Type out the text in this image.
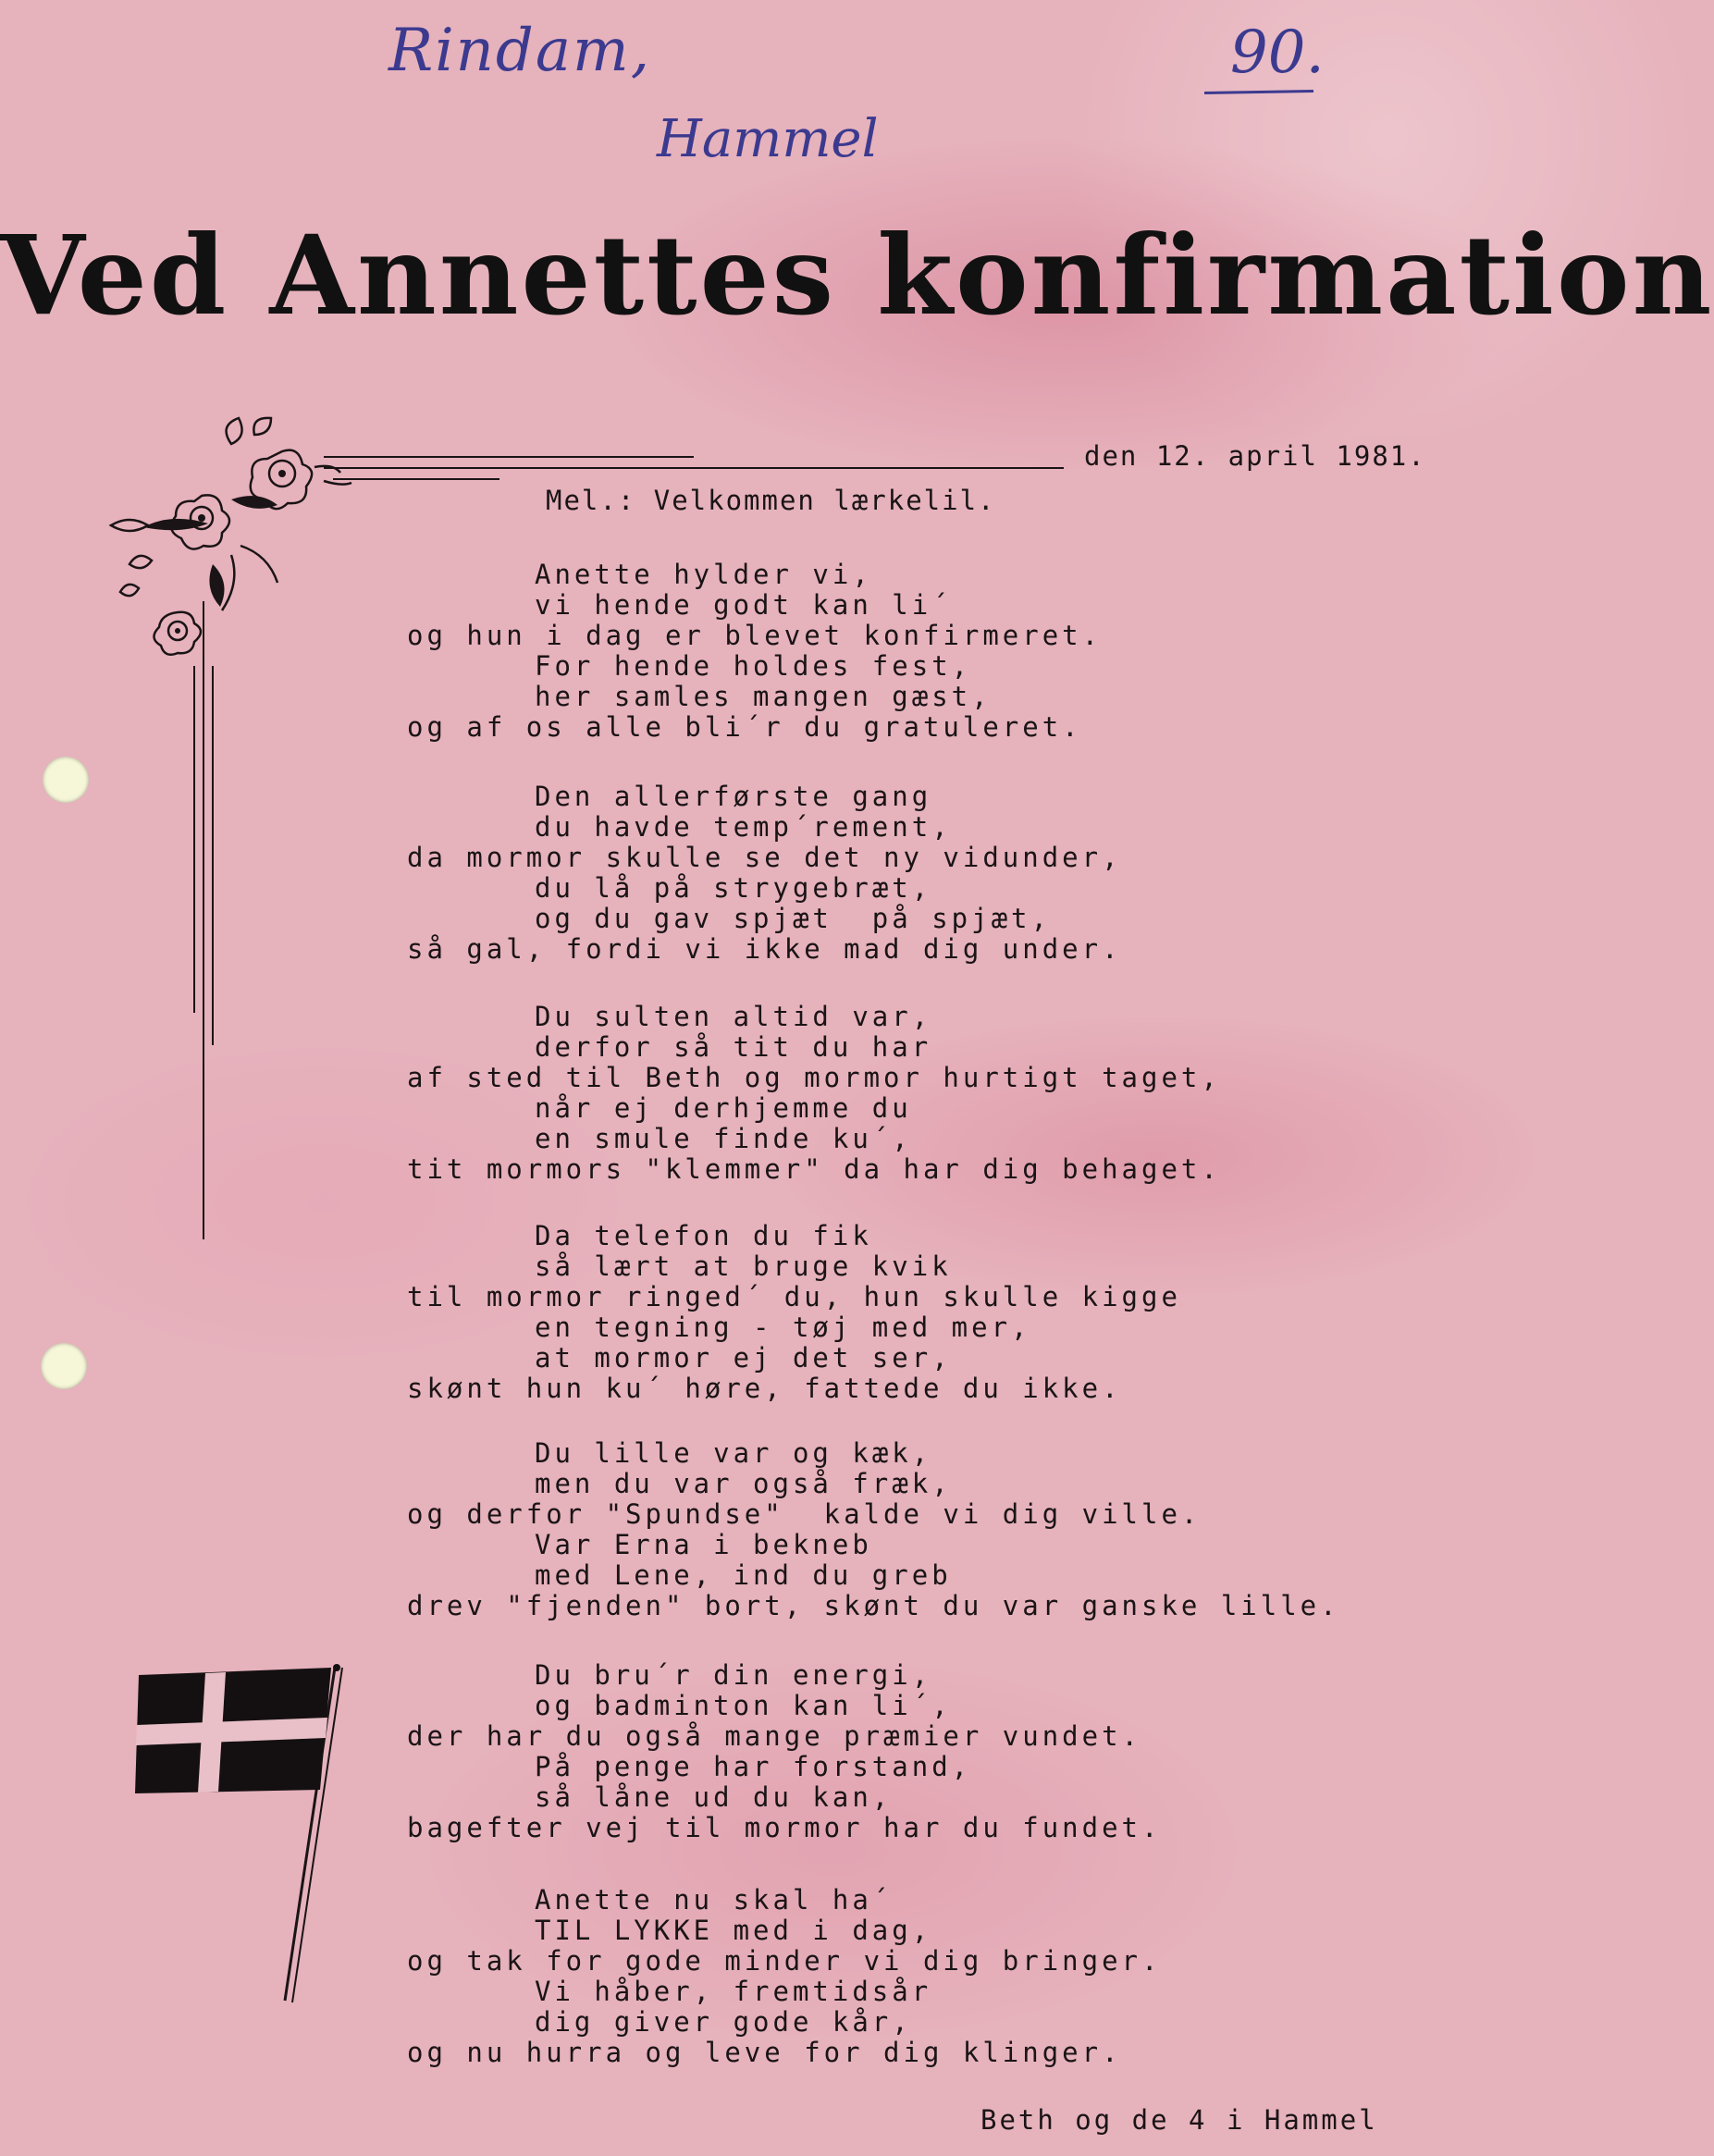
Rindam,
Hammel
90.
Ved Annettes konfirmation
den 12. april 1981.
Mel.: Velkommen lærkelil.
Anette hylder vi,
vi hende godt kan li´
og hun i dag er blevet konfirmeret.
For hende holdes fest,
her samles mangen gæst,
og af os alle bli´r du gratuleret.
Den allerførste gang
du havde temp´rement,
da mormor skulle se det ny vidunder,
du lå på strygebræt,
og du gav spjæt  på spjæt,
så gal, fordi vi ikke mad dig under.
Du sulten altid var,
derfor så tit du har
af sted til Beth og mormor hurtigt taget,
når ej derhjemme du
en smule finde ku´,
tit mormors "klemmer" da har dig behaget.
Da telefon du fik
så lært at bruge kvik
til mormor ringed´ du, hun skulle kigge
en tegning - tøj med mer,
at mormor ej det ser,
skønt hun ku´ høre, fattede du ikke.
Du lille var og kæk,
men du var også fræk,
og derfor "Spundse"  kalde vi dig ville.
Var Erna i bekneb
med Lene, ind du greb
drev "fjenden" bort, skønt du var ganske lille.
Du bru´r din energi,
og badminton kan li´,
der har du også mange præmier vundet.
På penge har forstand,
så låne ud du kan,
bagefter vej til mormor har du fundet.
Anette nu skal ha´
TIL LYKKE med i dag,
og tak for gode minder vi dig bringer.
Vi håber, fremtidsår
dig giver gode kår,
og nu hurra og leve for dig klinger.
Beth og de 4 i Hammel
